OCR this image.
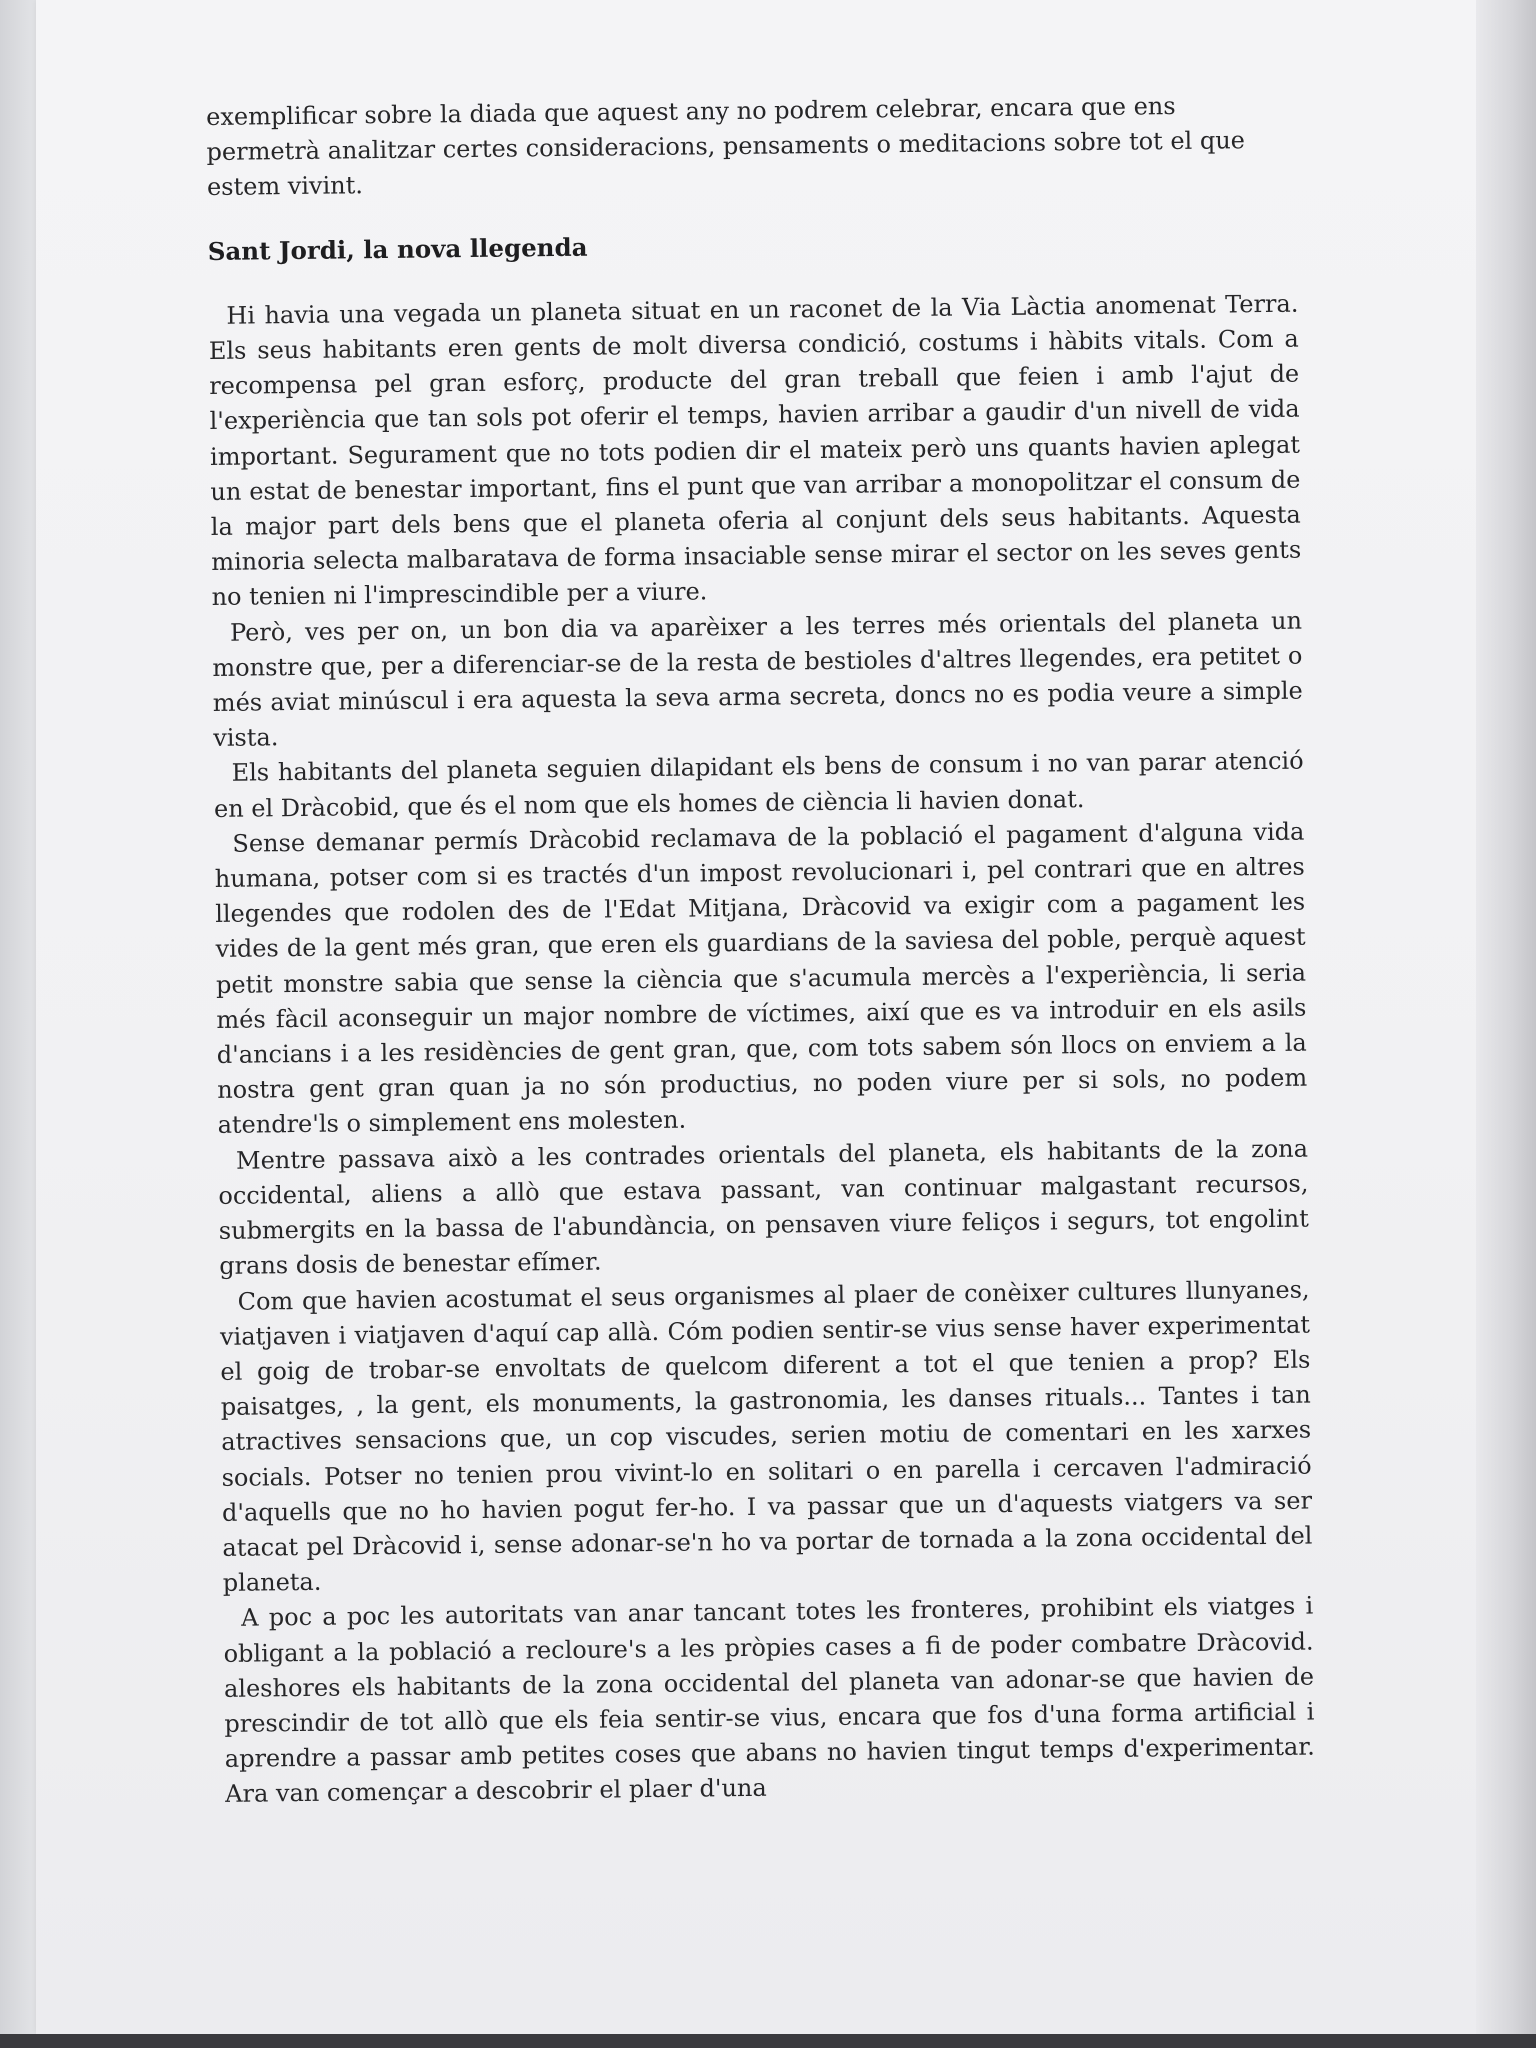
exemplificar sobre la diada que aquest any no podrem celebrar, encara que ens permetrà analitzar certes consideracions, pensaments o meditacions sobre tot el que estem vivint.

Sant Jordi, la nova llegenda

Hi havia una vegada un planeta situat en un raconet de la Via Làctia anomenat Terra. Els seus habitants eren gents de molt diversa condició, costums i hàbits vitals. Com a recompensa pel gran esforç, producte del gran treball que feien i amb l'ajut de l'experiència que tan sols pot oferir el temps, havien arribar a gaudir d'un nivell de vida important. Segurament que no tots podien dir el mateix però uns quants havien aplegat un estat de benestar important, fins el punt que van arribar a monopolitzar el consum de la major part dels bens que el planeta oferia al conjunt dels seus habitants. Aquesta minoria selecta malbaratava de forma insaciable sense mirar el sector on les seves gents no tenien ni l'imprescindible per a viure.

Però, ves per on, un bon dia va aparèixer a les terres més orientals del planeta un monstre que, per a diferenciar-se de la resta de bestioles d'altres llegendes, era petitet o més aviat minúscul i era aquesta la seva arma secreta, doncs no es podia veure a simple vista.

Els habitants del planeta seguien dilapidant els bens de consum i no van parar atenció en el Dràcobid, que és el nom que els homes de ciència li havien donat.

Sense demanar permís Dràcobid reclamava de la població el pagament d'alguna vida humana, potser com si es tractés d'un impost revolucionari i, pel contrari que en altres llegendes que rodolen des de l'Edat Mitjana, Dràcovid va exigir com a pagament les vides de la gent més gran, que eren els guardians de la saviesa del poble, perquè aquest petit monstre sabia que sense la ciència que s'acumula mercès a l'experiència, li seria més fàcil aconseguir un major nombre de víctimes, així que es va introduir en els asils d'ancians i a les residències de gent gran, que, com tots sabem són llocs on enviem a la nostra gent gran quan ja no són productius, no poden viure per si sols, no podem atendre'ls o simplement ens molesten.

Mentre passava això a les contrades orientals del planeta, els habitants de la zona occidental, aliens a allò que estava passant, van continuar malgastant recursos, submergits en la bassa de l'abundància, on pensaven viure feliços i segurs, tot engolint grans dosis de benestar efímer.

Com que havien acostumat el seus organismes al plaer de conèixer cultures llunyanes, viatjaven i viatjaven d'aquí cap allà. Cóm podien sentir-se vius sense haver experimentat el goig de trobar-se envoltats de quelcom diferent a tot el que tenien a prop? Els paisatges, , la gent, els monuments, la gastronomia, les danses rituals... Tantes i tan atractives sensacions que, un cop viscudes, serien motiu de comentari en les xarxes socials. Potser no tenien prou vivint-lo en solitari o en parella i cercaven l'admiració d'aquells que no ho havien pogut fer-ho. I va passar que un d'aquests viatgers va ser atacat pel Dràcovid i, sense adonar-se'n ho va portar de tornada a la zona occidental del planeta.

A poc a poc les autoritats van anar tancant totes les fronteres, prohibint els viatges i obligant a la població a recloure's a les pròpies cases a fi de poder combatre Dràcovid. aleshores els habitants de la zona occidental del planeta van adonar-se que havien de prescindir de tot allò que els feia sentir-se vius, encara que fos d'una forma artificial i aprendre a passar amb petites coses que abans no havien tingut temps d'experimentar. Ara van començar a descobrir el plaer d'una
